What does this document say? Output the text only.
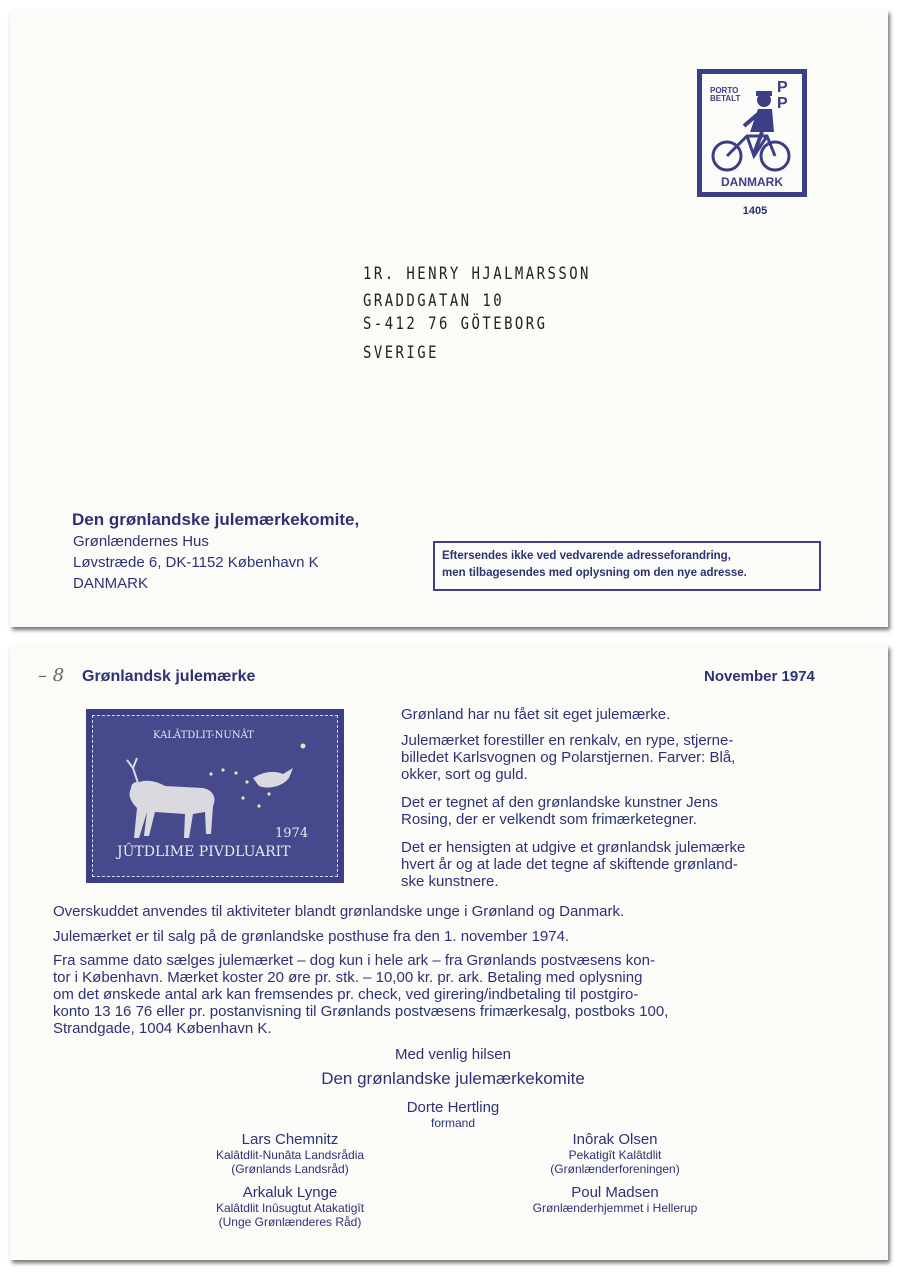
PORTO
BETALT
P P
DANMARK
1405
1R. HENRY HJALMARSSON
GRADDGATAN 10
S-412 76 GÖTEBORG
SVERIGE
Den grønlandske julemærkekomite,
Grønlændernes Hus
Løvstræde 6, DK-1152 København K
DANMARK
Eftersendes ikke ved vedvarende adresseforandring,
men tilbagesendes med oplysning om den nye adresse.
– 8 Grønlandsk julemærke	November 1974
KALÂTDLIT-NUNÂT
1974
JÛTDLIME PIVDLUARIT
Grønland har nu fået sit eget julemærke.
Julemærket forestiller en renkalv, en rype, stjerne-
billedet Karlsvognen og Polarstjernen. Farver: Blå,
okker, sort og guld.
Det er tegnet af den grønlandske kunstner Jens
Rosing, der er velkendt som frimærketegner.
Det er hensigten at udgive et grønlandsk julemærke
hvert år og at lade det tegne af skiftende grønland-
ske kunstnere.
Overskuddet anvendes til aktiviteter blandt grønlandske unge i Grønland og Danmark.
Julemærket er til salg på de grønlandske posthuse fra den 1. november 1974.
Fra samme dato sælges julemærket – dog kun i hele ark – fra Grønlands postvæsens kon-
tor i København. Mærket koster 20 øre pr. stk. – 10,00 kr. pr. ark. Betaling med oplysning
om det ønskede antal ark kan fremsendes pr. check, ved girering/indbetaling til postgiro-
konto 13 16 76 eller pr. postanvisning til Grønlands postvæsens frimærkesalg, postboks 100,
Strandgade, 1004 København K.
Med venlig hilsen
Den grønlandske julemærkekomite
Dorte Hertling
formand
Lars Chemnitz
Kalâtdlit-Nunâta Landsrådia
(Grønlands Landsråd)
Inôrak Olsen
Pekatigît Kalâtdlit
(Grønlænderforeningen)
Arkaluk Lynge
Kalâtdlit Inûsugtut Atakatigît
(Unge Grønlænderes Råd)
Poul Madsen
Grønlænderhjemmet i Hellerup
